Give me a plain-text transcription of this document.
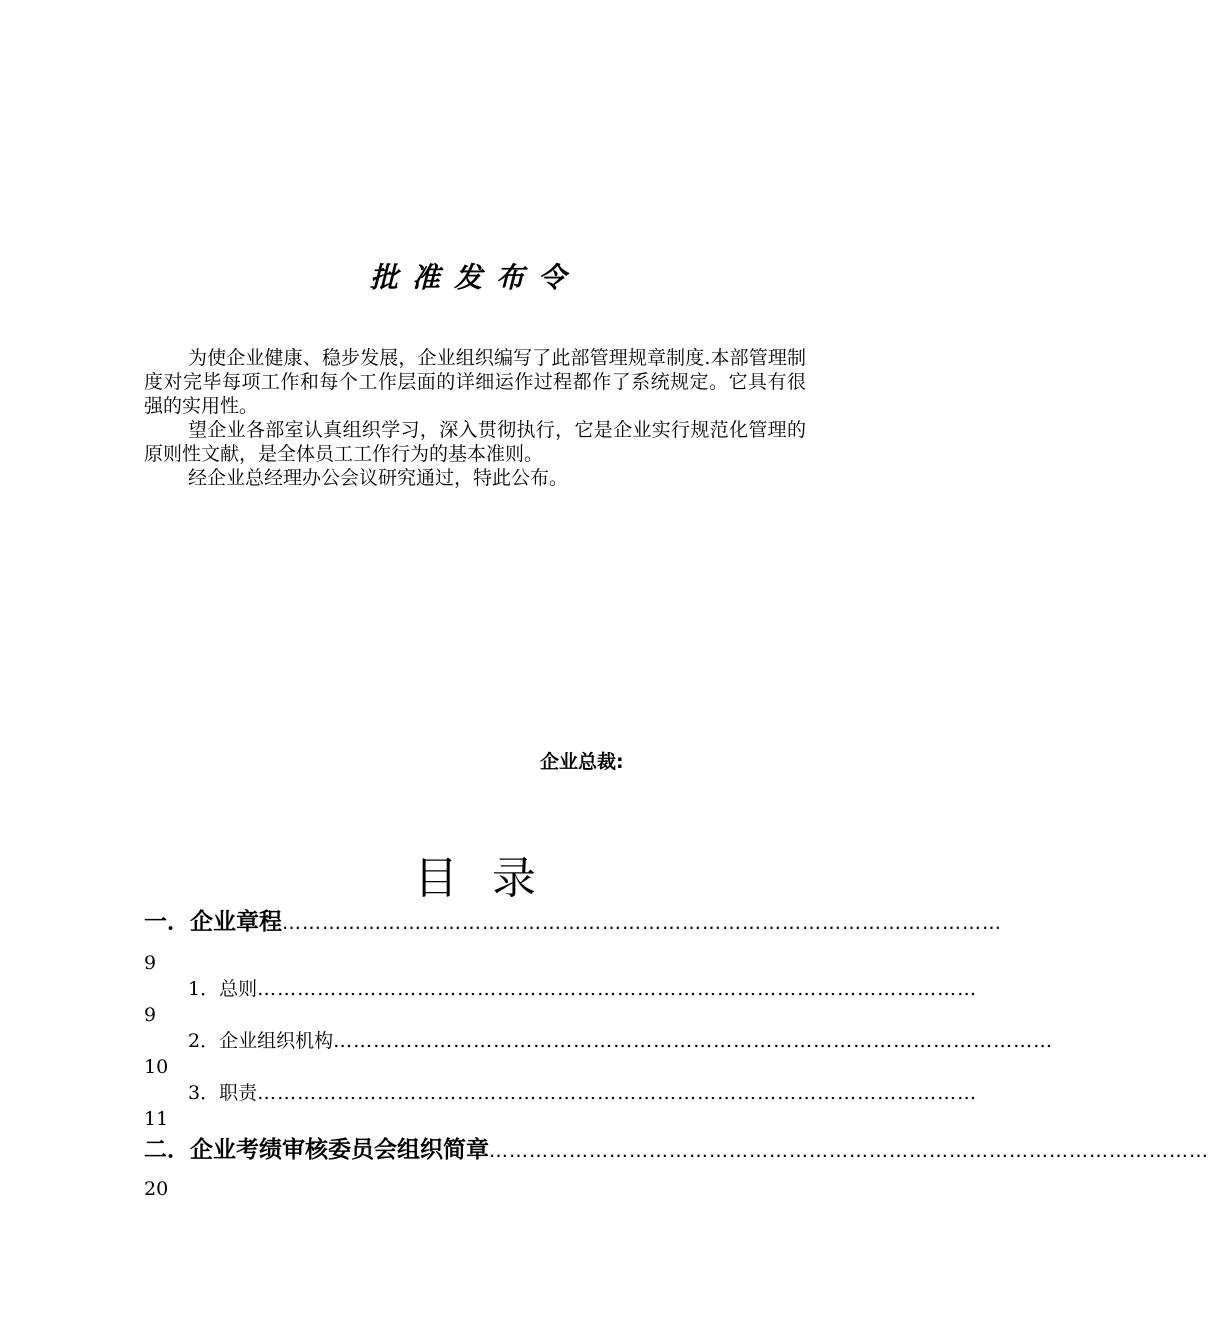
批准发布令

为使企业健康、稳步发展，企业组织编写了此部管理规章制度.本部管理制度对完毕每项工作和每个工作层面的详细运作过程都作了系统规定。它具有很强的实用性。

望企业各部室认真组织学习，深入贯彻执行，它是企业实行规范化管理的原则性文献，是全体员工工作行为的基本准则。

经企业总经理办公会议研究通过，特此公布。

企业总裁:
目录
一．企业章程 ………………………………………………………………………………………………
9
1．总则 ………………………………………………………………………………………………
9
2．企业组织机构 ………………………………………………………………………………………………
10
3．职责 ………………………………………………………………………………………………
11
二．企业考绩审核委员会组织简章 ………………………………………………………………………………………………
20
